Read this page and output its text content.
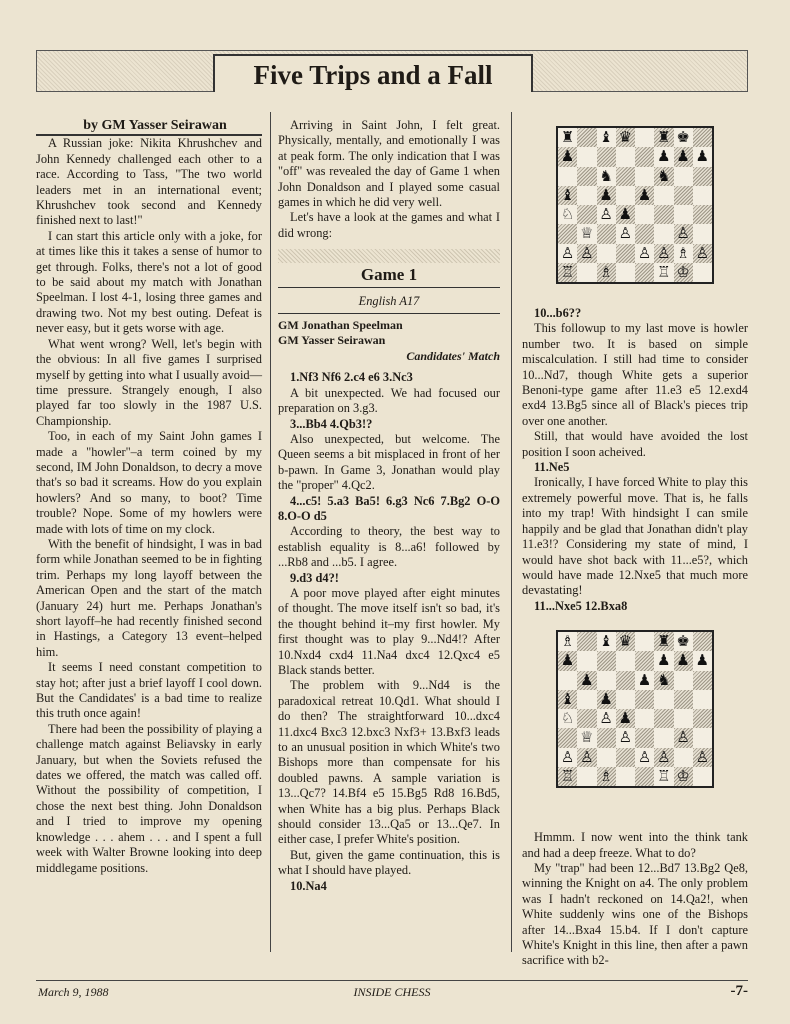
Five Trips and a Fall

by GM Yasser Seirawan

A Russian joke: Nikita Khrushchev and John Kennedy challenged each other to a race. According to Tass, "The two world leaders met in an international event; Khrushchev took second and Kennedy finished next to last!"

I can start this article only with a joke, for at times like this it takes a sense of humor to get through. Folks, there's not a lot of good to be said about my match with Jonathan Speelman. I lost 4-1, losing three games and drawing two. Not my best outing. Defeat is never easy, but it gets worse with age.

What went wrong? Well, let's begin with the obvious: In all five games I surprised myself by getting into what I usually avoid—time pressure. Strangely enough, I also played far too slowly in the 1987 U.S. Championship.

Too, in each of my Saint John games I made a "howler"–a term coined by my second, IM John Donaldson, to decry a move that's so bad it screams. How do you explain howlers? And so many, to boot? Time trouble? Nope. Some of my howlers were made with lots of time on my clock.

With the benefit of hindsight, I was in bad form while Jonathan seemed to be in fighting trim. Perhaps my long layoff between the American Open and the start of the match (January 24) hurt me. Perhaps Jonathan's short layoff–he had recently finished second in Hastings, a Category 13 event–helped him.

It seems I need constant competition to stay hot; after just a brief layoff I cool down. But the Candidates' is a bad time to realize this truth once again!

There had been the possibility of playing a challenge match against Beliavsky in early January, but when the Soviets refused the dates we offered, the match was called off. Without the possibility of competition, I chose the next best thing. John Donaldson and I tried to improve my opening knowledge . . . ahem . . . and I spent a full week with Walter Browne looking into deep middlegame positions.

Arriving in Saint John, I felt great. Physically, mentally, and emotionally I was at peak form. The only indication that I was "off" was revealed the day of Game 1 when John Donaldson and I played some casual games in which he did very well.

Let's have a look at the games and what I did wrong:

Game 1
English A17
GM Jonathan Speelman
GM Yasser Seirawan
Candidates' Match

1.Nf3 Nf6 2.c4 e6 3.Nc3

A bit unexpected. We had focused our preparation on 3.g3.

3...Bb4 4.Qb3!?

Also unexpected, but welcome. The Queen seems a bit misplaced in front of her b-pawn. In Game 3, Jonathan would play the "proper" 4.Qc2.

4...c5! 5.a3 Ba5! 6.g3 Nc6 7.Bg2 O-O 8.O-O d5

According to theory, the best way to establish equality is 8...a6! followed by ...Rb8 and ...b5. I agree.

9.d3 d4?!

A poor move played after eight minutes of thought. The move itself isn't so bad, it's the thought behind it–my first howler. My first thought was to play 9...Nd4!? After 10.Nxd4 cxd4 11.Na4 dxc4 12.Qxc4 e5 Black stands better.

The problem with 9...Nd4 is the paradoxical retreat 10.Qd1. What should I do then? The straightforward 10...dxc4 11.dxc4 Bxc3 12.bxc3 Nxf3+ 13.Bxf3 leads to an unusual position in which White's two Bishops more than compensate for his doubled pawns. A sample variation is 13...Qc7? 14.Bf4 e5 15.Bg5 Rd8 16.Bd5, when White has a big plus. Perhaps Black should consider 13...Qa5 or 13...Qe7. In either case, I prefer White's position.

But, given the game continuation, this is what I should have played.

10.Na4

♜ ♝ ♛ ♜ ♚
♟	♟ ♟ ♟
♞	♞
♝ ♟ ♟
♘ ♙ ♟
♕ ♙	♙
♙ ♙	♙ ♙ ♗ ♙
♖ ♗	♖ ♔

10...b6??

This followup to my last move is howler number two. It is based on simple miscalculation. I still had time to consider 10...Nd7, though White gets a superior Benoni-type game after 11.e3 e5 12.exd4 exd4 13.Bg5 since all of Black's pieces trip over one another.

Still, that would have avoided the lost position I soon acheived.

11.Ne5

Ironically, I have forced White to play this extremely powerful move. That is, he falls into my trap! With hindsight I can smile happily and be glad that Jonathan didn't play 11.e3!? Considering my state of mind, I would have shot back with 11...e5?, which would have made 12.Nxe5 that much more devastating!

11...Nxe5 12.Bxa8

♗ ♝ ♛ ♜ ♚
♟	♟ ♟ ♟
♟	♟ ♞
♝ ♟
♘ ♙ ♟
♕ ♙	♙
♙ ♙	♙ ♙ ♙
♖ ♗	♖ ♔

Hmmm. I now went into the think tank and had a deep freeze. What to do?

My "trap" had been 12...Bd7 13.Bg2 Qe8, winning the Knight on a4. The only problem was I hadn't reckoned on 14.Qa2!, when White suddenly wins one of the Bishops after 14...Bxa4 15.b4. If I don't capture White's Knight in this line, then after a pawn sacrifice with b2-

March 9, 1988	INSIDE CHESS	-7-
